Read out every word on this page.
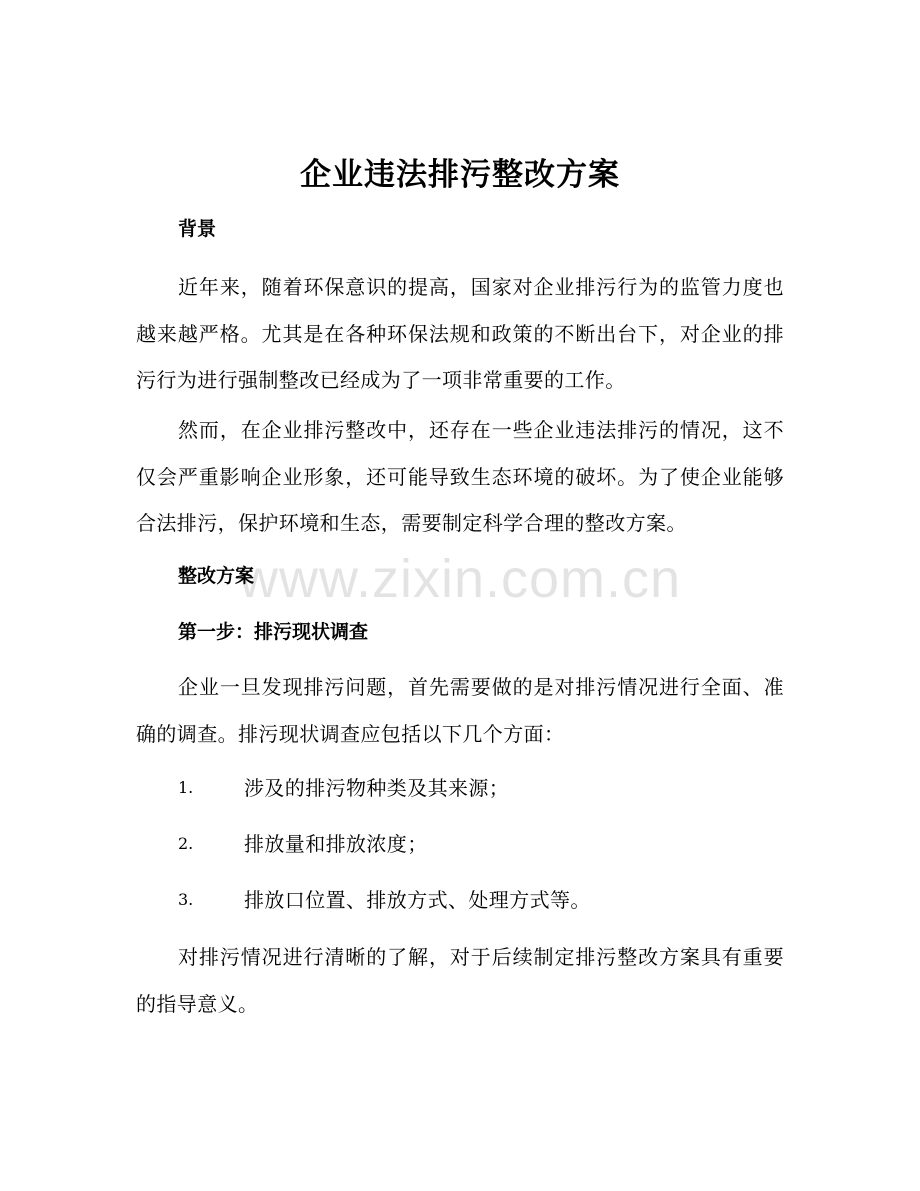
企业违法排污整改方案
背景
近年来，随着环保意识的提高，国家对企业排污行为的监管力度也越来越严格。尤其是在各种环保法规和政策的不断出台下，对企业的排污行为进行强制整改已经成为了一项非常重要的工作。
然而，在企业排污整改中，还存在一些企业违法排污的情况，这不仅会严重影响企业形象，还可能导致生态环境的破坏。为了使企业能够合法排污，保护环境和生态，需要制定科学合理的整改方案。
整改方案
第一步：排污现状调查
企业一旦发现排污问题，首先需要做的是对排污情况进行全面、准确的调查。排污现状调查应包括以下几个方面：
1.	涉及的排污物种类及其来源；
2.	排放量和排放浓度；
3.	排放口位置、排放方式、处理方式等。
对排污情况进行清晰的了解，对于后续制定排污整改方案具有重要的指导意义。
www.zixin.com.cn
